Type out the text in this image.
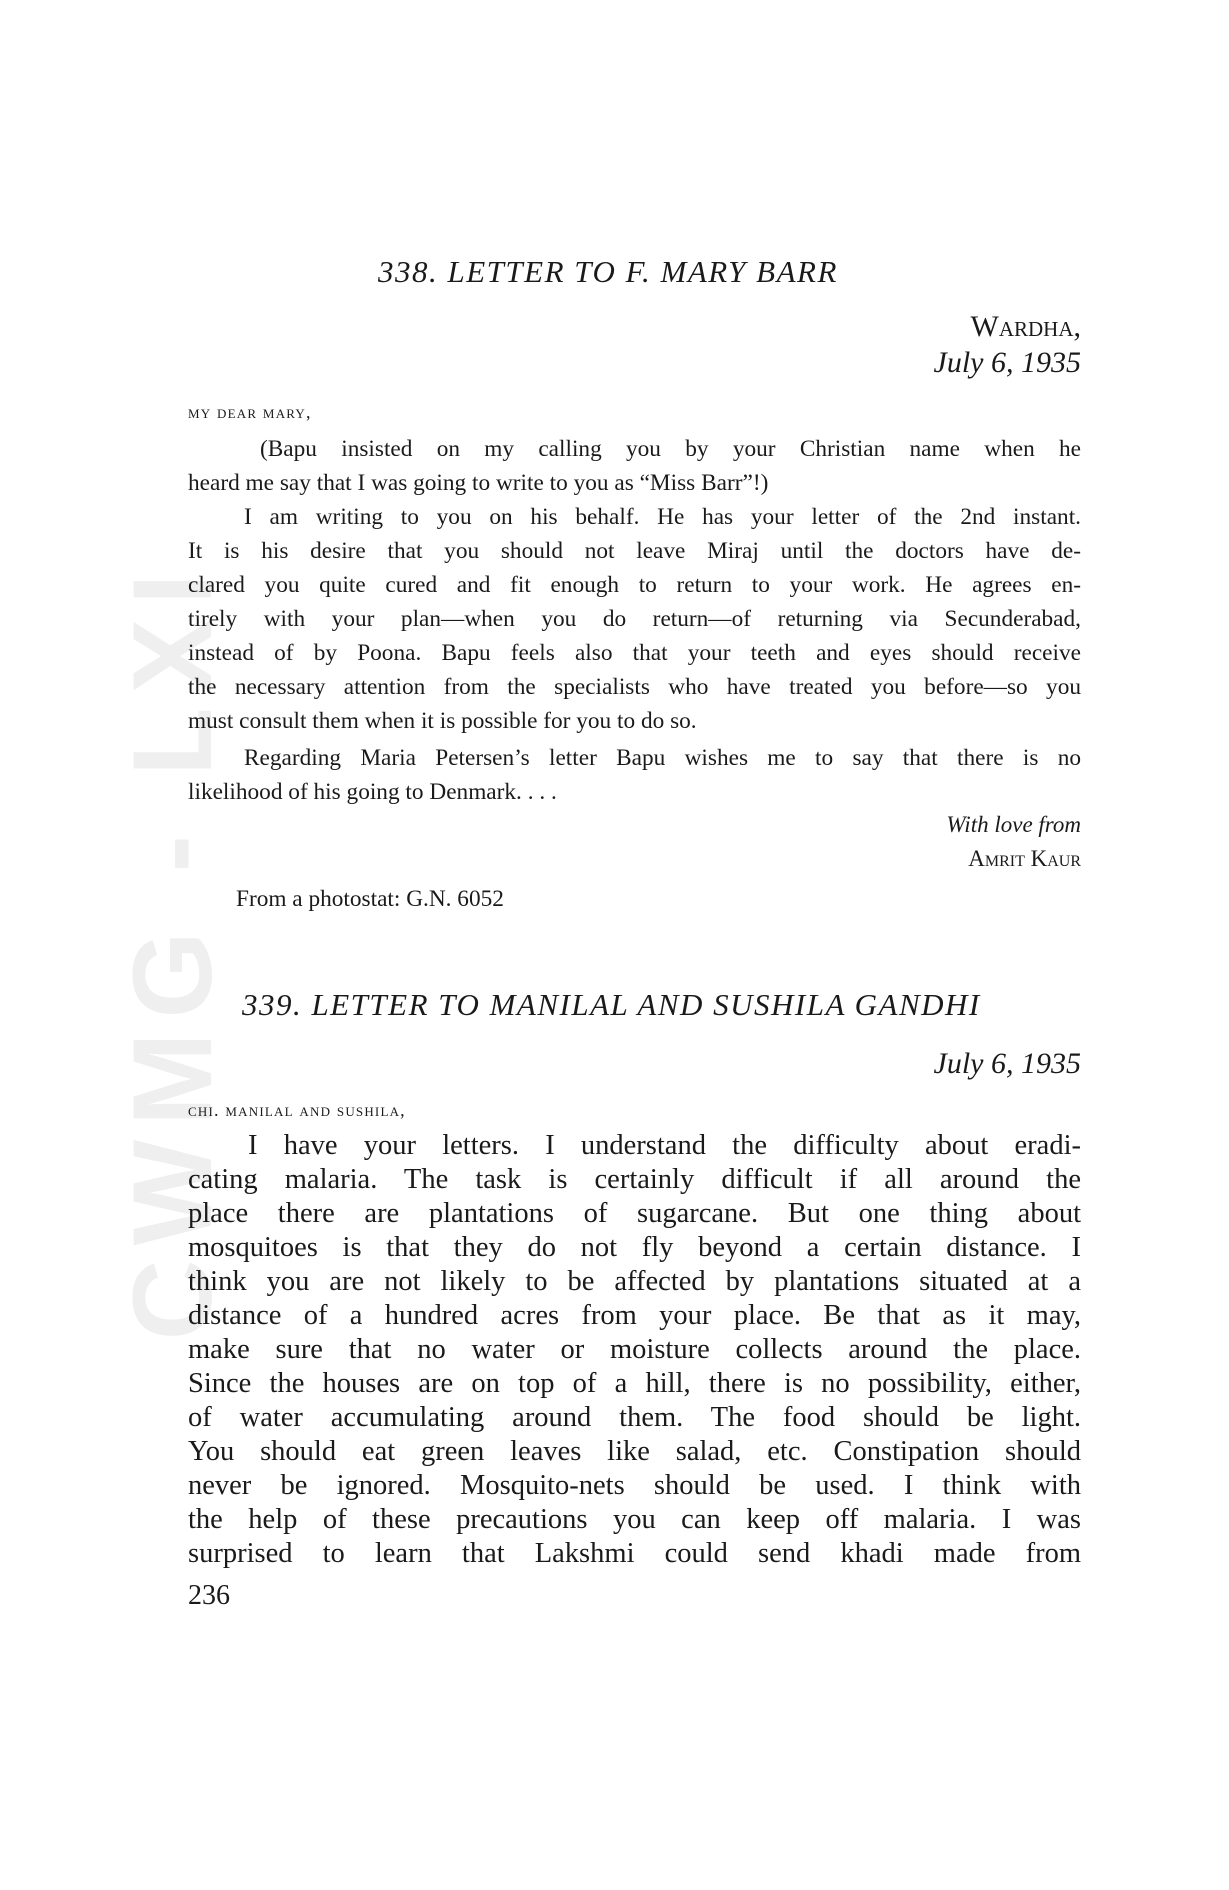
CWMG - LXI
338. LETTER TO F. MARY BARR
Wardha,
July 6, 1935
my dear mary,
(Bapu insisted on my calling you by your Christian name when he
heard me say that I was going to write to you as “Miss Barr”!)
I am writing to you on his behalf. He has your letter of the 2nd instant.
It is his desire that you should not leave Miraj until the doctors have de-
clared you quite cured and fit enough to return to your work. He agrees en-
tirely with your plan—when you do return—of returning via Secunderabad,
instead of by Poona. Bapu feels also that your teeth and eyes should receive
the necessary attention from the specialists who have treated you before—so you
must consult them when it is possible for you to do so.
Regarding Maria Petersen’s letter Bapu wishes me to say that there is no
likelihood of his going to Denmark. . . .
With love from
Amrit Kaur
From a photostat: G.N. 6052
339. LETTER TO MANILAL AND SUSHILA GANDHI
July 6, 1935
chi. manilal and sushila,
I have your letters. I understand the difficulty about eradi-
cating malaria. The task is certainly difficult if all around the
place there are plantations of sugarcane. But one thing about
mosquitoes is that they do not fly beyond a certain distance. I
think you are not likely to be affected by plantations situated at a
distance of a hundred acres from your place. Be that as it may,
make sure that no water or moisture collects around the place.
Since the houses are on top of a hill, there is no possibility, either,
of water accumulating around them. The food should be light.
You should eat green leaves like salad, etc. Constipation should
never be ignored. Mosquito-nets should be used. I think with
the help of these precautions you can keep off malaria. I was
surprised to learn that Lakshmi could send khadi made from
236
